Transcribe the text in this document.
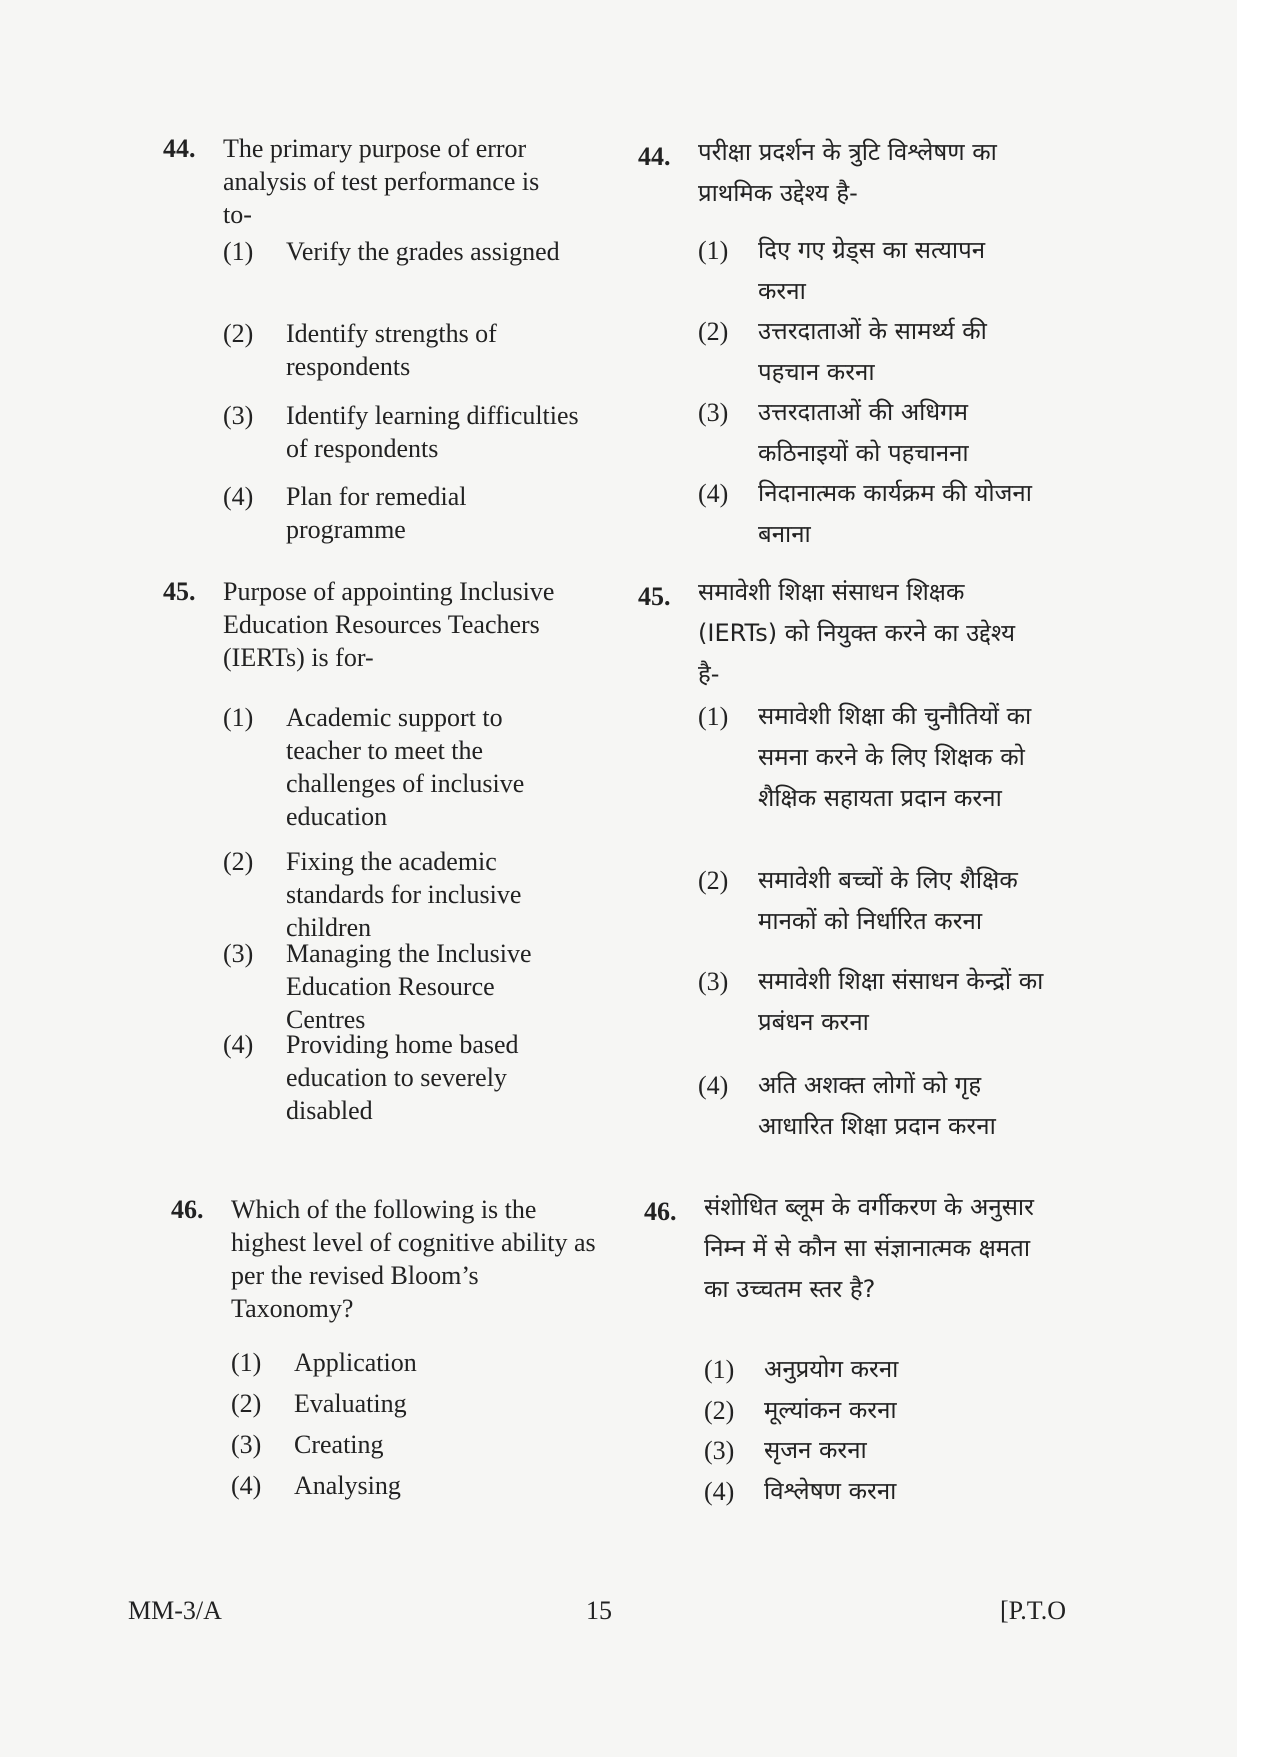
44.	The primary purpose of error analysis of test performance is to-
(1)	Verify the grades assigned
(2)	Identify strengths of respondents
(3)	Identify learning difficulties of respondents
(4)	Plan for remedial programme
45.	Purpose of appointing Inclusive Education Resources Teachers (IERTs) is for-
(1)	Academic support to teacher to meet the challenges of inclusive education
(2)	Fixing the academic standards for inclusive children
(3)	Managing the Inclusive Education Resource Centres
(4)	Providing home based education to severely disabled
46.	Which of the following is the highest level of cognitive ability as per the revised Bloom’s Taxonomy?
(1)	Application
(2)	Evaluating
(3)	Creating
(4)	Analysing
44.	परीक्षा प्रदर्शन के त्रुटि विश्लेषण का प्राथमिक उद्देश्य है-
(1)	दिए गए ग्रेड्स का सत्यापन करना
(2)	उत्तरदाताओं के सामर्थ्य की पहचान करना
(3)	उत्तरदाताओं की अधिगम कठिनाइयों को पहचानना
(4)	निदानात्मक कार्यक्रम की योजना बनाना
45.	समावेशी शिक्षा संसाधन शिक्षक (IERTs) को नियुक्त करने का उद्देश्य है-
(1)	समावेशी शिक्षा की चुनौतियों का समना करने के लिए शिक्षक को शैक्षिक सहायता प्रदान करना
(2)	समावेशी बच्चों के लिए शैक्षिक मानकों को निर्धारित करना
(3)	समावेशी शिक्षा संसाधन केन्द्रों का प्रबंधन करना
(4)	अति अशक्त लोगों को गृह आधारित शिक्षा प्रदान करना
46.	संशोधित ब्लूम के वर्गीकरण के अनुसार निम्न में से कौन सा संज्ञानात्मक क्षमता का उच्चतम स्तर है?
(1)	अनुप्रयोग करना
(2)	मूल्यांकन करना
(3)	सृजन करना
(4)	विश्लेषण करना
MM-3/A	15	[P.T.O
